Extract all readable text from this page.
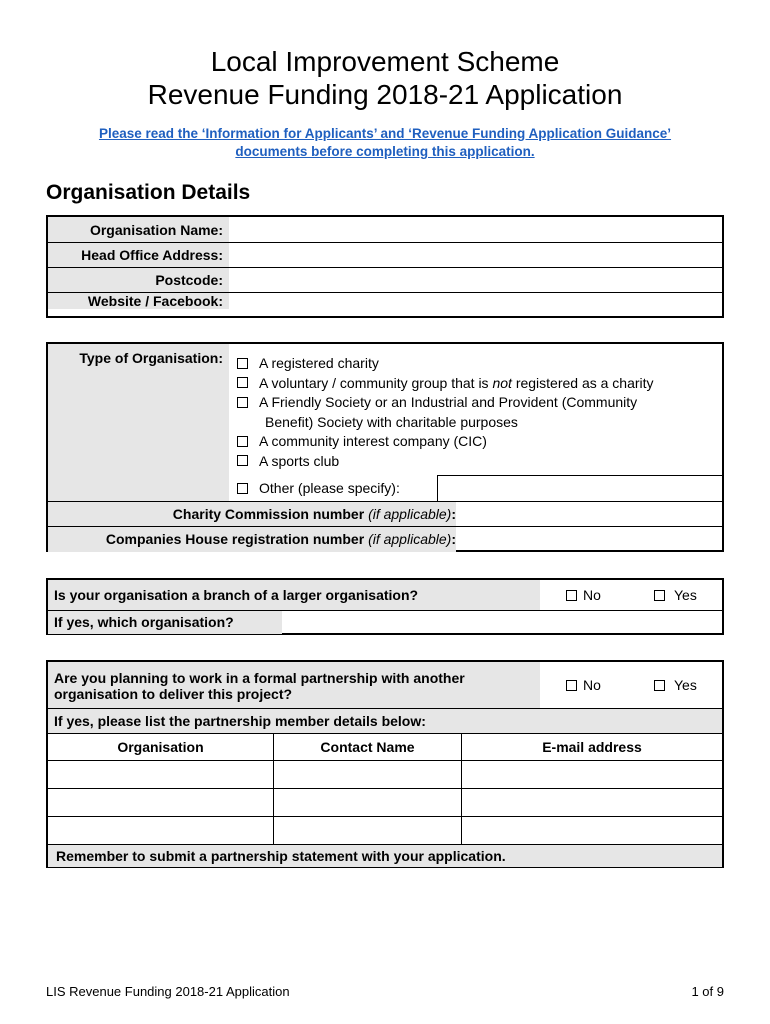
Local Improvement Scheme
Revenue Funding 2018-21 Application
Please read the ‘Information for Applicants’ and ‘Revenue Funding Application Guidance’
documents before completing this application.
Organisation Details
Organisation Name:
Head Office Address:
Postcode:
Website / Facebook:
Type of Organisation:	A registered charity
A voluntary / community group that is not registered as a charity
A Friendly Society or an Industrial and Provident (Community
Benefit) Society with charitable purposes
A community interest company (CIC)
A sports club
Other (please specify):
Charity Commission number (if applicable):
Companies House registration number (if applicable):
Is your organisation a branch of a larger organisation?	No	Yes
If yes, which organisation?
Are you planning to work in a formal partnership with another
organisation to deliver this project?
No	Yes
If yes, please list the partnership member details below:
Organisation	Contact Name	E-mail address
Remember to submit a partnership statement with your application.
LIS Revenue Funding 2018-21 Application	1 of 9
